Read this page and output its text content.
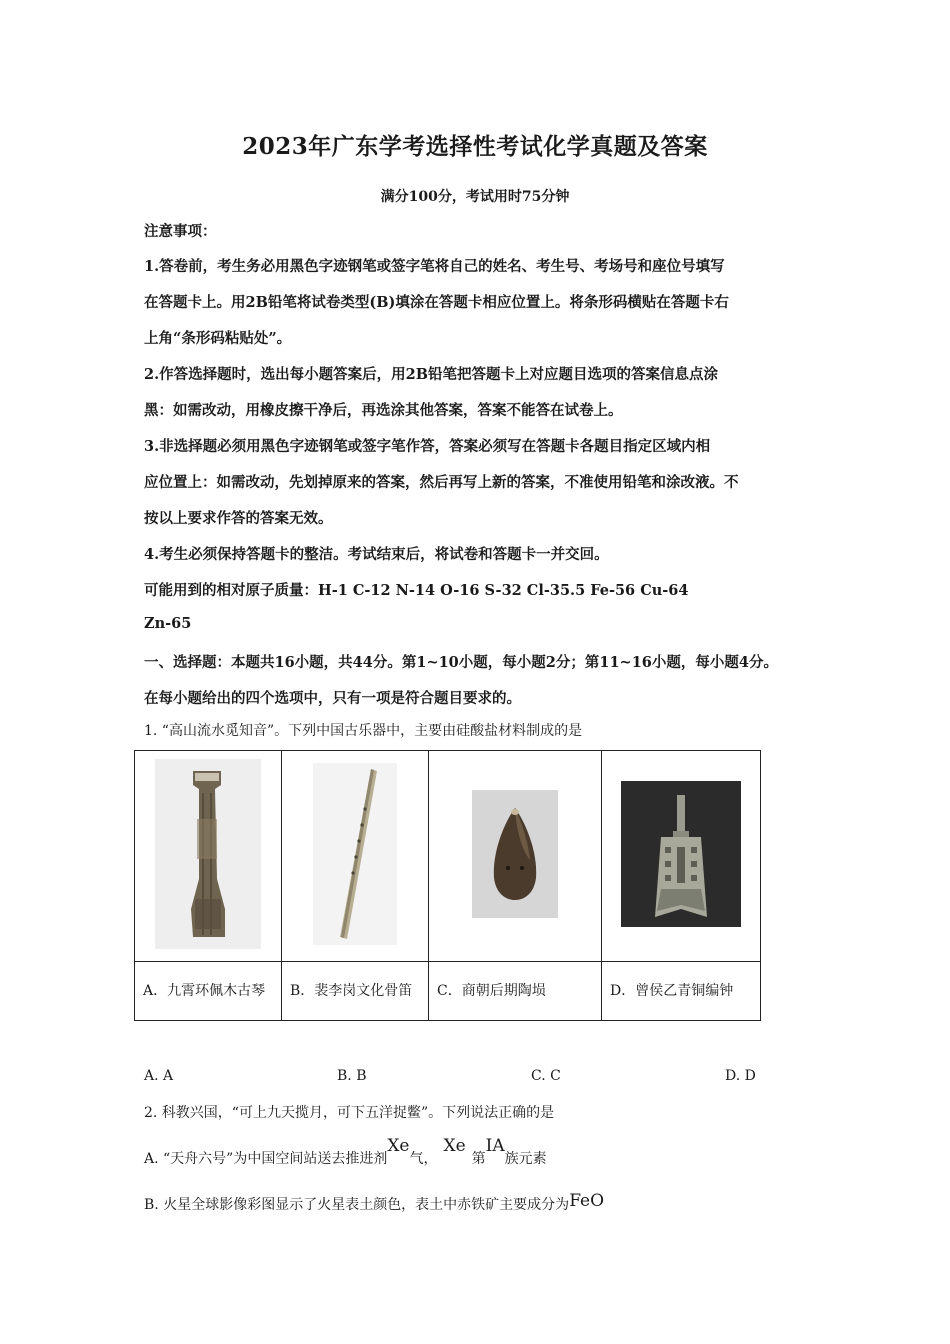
2023年广东学考选择性考试化学真题及答案
满分100分，考试用时75分钟
注意事项：
1.答卷前，考生务必用黑色字迹钢笔或签字笔将自己的姓名、考生号、考场号和座位号填写
在答题卡上。用2B铅笔将试卷类型(B)填涂在答题卡相应位置上。将条形码横贴在答题卡右
上角“条形码粘贴处”。
2.作答选择题时，选出每小题答案后，用2B铅笔把答题卡上对应题目选项的答案信息点涂
黑：如需改动，用橡皮擦干净后，再选涂其他答案，答案不能答在试卷上。
3.非选择题必须用黑色字迹钢笔或签字笔作答，答案必须写在答题卡各题目指定区域内相
应位置上：如需改动，先划掉原来的答案，然后再写上新的答案，不准使用铅笔和涂改液。不
按以上要求作答的答案无效。
4.考生必须保持答题卡的整洁。考试结束后，将试卷和答题卡一并交回。
可能用到的相对原子质量：H-1 C-12 N-14 O-16 S-32 Cl-35.5 Fe-56 Cu-64
Zn-65
一、选择题：本题共16小题，共44分。第1~10小题，每小题2分；第11~16小题，每小题4分。
在每小题给出的四个选项中，只有一项是符合题目要求的。
1. “高山流水觅知音”。下列中国古乐器中，主要由硅酸盐材料制成的是

A．九霄环佩木古琴	B．裴李岗文化骨笛	C．商朝后期陶埙	D．曾侯乙青铜编钟
A. A	B. B	C. C	D. D
2. 科教兴国，“可上九天揽月，可下五洋捉鳖”。下列说法正确的是
A. “天舟六号”为中国空间站送去推进剂Xe气，Xe第IA族元素
B. 火星全球影像彩图显示了火星表土颜色，表土中赤铁矿主要成分为FeO
